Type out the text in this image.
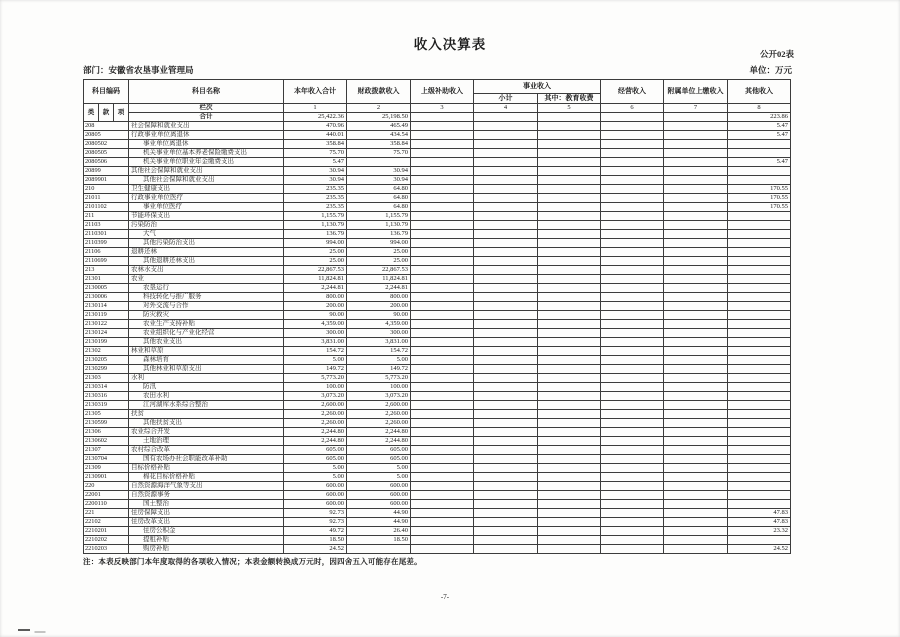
收入决算表
公开02表
部门：安徽省农垦事业管理局	单位：万元
科目编码			科目名称	本年收入合计	财政拨款收入	上级补助收入	事业收入		经营收入	附属单位上缴收入	其他收入
							小计	其中：教育收费			
类	款	项	栏次	1	2	3	4	5	6	7	8
			合计	25,422.36	25,198.50						223.86
208			社会保障和就业支出	470.96	465.49						5.47
20805			行政事业单位离退休	440.01	434.54						5.47
2080502			事业单位离退休	358.84	358.84						
2080505			机关事业单位基本养老保险缴费支出	75.70	75.70						
2080506			机关事业单位职业年金缴费支出	5.47							5.47
20899			其他社会保障和就业支出	30.94	30.94						
2089901			其他社会保障和就业支出	30.94	30.94						
210			卫生健康支出	235.35	64.80						170.55
21011			行政事业单位医疗	235.35	64.80						170.55
2101102			事业单位医疗	235.35	64.80						170.55
211			节能环保支出	1,155.79	1,155.79						
21103			污染防治	1,130.79	1,130.79						
2110301			大气	136.79	136.79						
2110399			其他污染防治支出	994.00	994.00						
21106			退耕还林	25.00	25.00						
2110699			其他退耕还林支出	25.00	25.00						
213			农林水支出	22,867.53	22,867.53						
21301			农业	11,824.81	11,824.81						
2130005			农垦运行	2,244.81	2,244.81						
2130006			科技转化与推广服务	800.00	800.00						
2130114			对外交流与合作	200.00	200.00						
2130119			防灾救灾	90.00	90.00						
2130122			农业生产支持补贴	4,359.00	4,359.00						
2130124			农业组织化与产业化经营	300.00	300.00						
2130199			其他农业支出	3,831.00	3,831.00						
21302			林业和草原	154.72	154.72						
2130205			森林培育	5.00	5.00						
2130299			其他林业和草原支出	149.72	149.72						
21303			水利	5,773.20	5,773.20						
2130314			防汛	100.00	100.00						
2130316			农田水利	3,073.20	3,073.20						
2130319			江河湖库水系综合整治	2,600.00	2,600.00						
21305			扶贫	2,260.00	2,260.00						
2130599			其他扶贫支出	2,260.00	2,260.00						
21306			农业综合开发	2,244.80	2,244.80						
2130602			土地治理	2,244.80	2,244.80						
21307			农村综合改革	605.00	605.00						
2130704			国有农场办社会职能改革补助	605.00	605.00						
21309			目标价格补贴	5.00	5.00						
2130901			棉花目标价格补贴	5.00	5.00						
220			自然资源海洋气象等支出	600.00	600.00						
22001			自然资源事务	600.00	600.00						
2200110			国土整治	600.00	600.00						
221			住房保障支出	92.73	44.90						47.83
22102			住房改革支出	92.73	44.90						47.83
2210201			住房公积金	49.72	26.40						23.32
2210202			提租补贴	18.50	18.50						
2210203			购房补贴	24.52							24.52
注：本表反映部门本年度取得的各项收入情况；本表金额转换成万元时，因四舍五入可能存在尾差。
-7-
